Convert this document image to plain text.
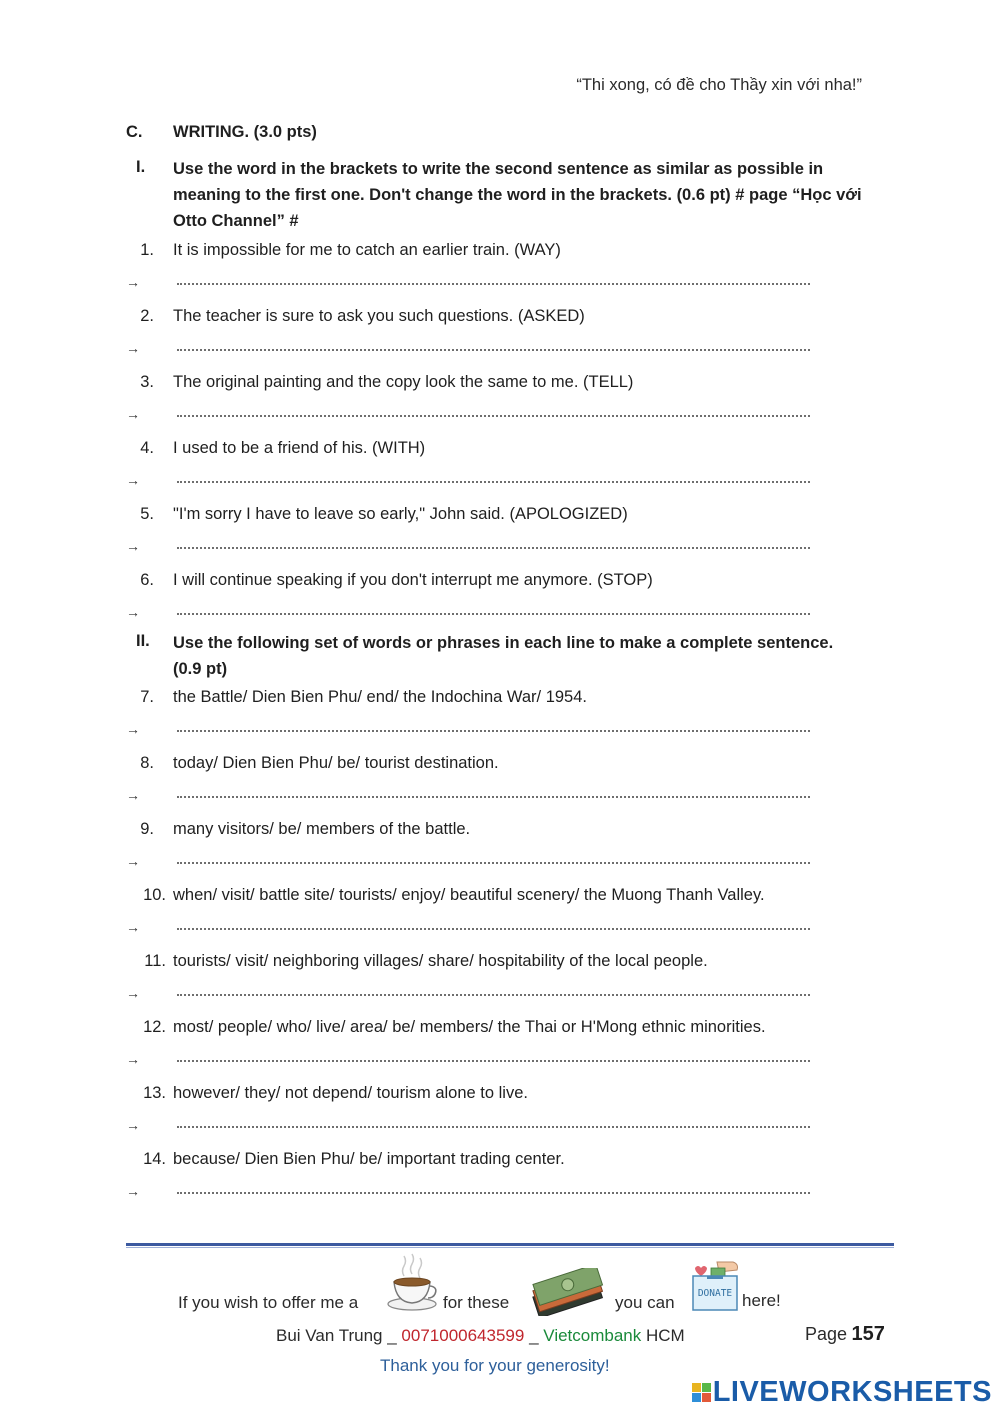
“Thi xong, có đề cho Thầy xin với nha!”
C. WRITING. (3.0 pts)
I. Use the word in the brackets to write the second sentence as similar as possible in meaning to the first one. Don't change the word in the brackets. (0.6 pt) # page “Học với Otto Channel” #
1. It is impossible for me to catch an earlier train. (WAY)
→
2. The teacher is sure to ask you such questions. (ASKED)
→
3. The original painting and the copy look the same to me. (TELL)
→
4. I used to be a friend of his. (WITH)
→
5. "I'm sorry I have to leave so early," John said. (APOLOGIZED)
→
6. I will continue speaking if you don't interrupt me anymore. (STOP)
→
II. Use the following set of words or phrases in each line to make a complete sentence. (0.9 pt)
7. the Battle/ Dien Bien Phu/ end/ the Indochina War/ 1954.
→
8. today/ Dien Bien Phu/ be/ tourist destination.
→
9. many visitors/ be/ members of the battle.
→
10. when/ visit/ battle site/ tourists/ enjoy/ beautiful scenery/ the Muong Thanh Valley.
→
11. tourists/ visit/ neighboring villages/ share/ hospitability of the local people.
→
12. most/ people/ who/ live/ area/ be/ members/ the Thai or H'Mong ethnic minorities.
→
13. however/ they/ not depend/ tourism alone to live.
→
14. because/ Dien Bien Phu/ be/ important trading center.
→
If you wish to offer me a	for these	you can	DONATE here!
Bui Van Trung _ 0071000643599 _ Vietcombank HCM	Page 157
Thank you for your generosity!
LIVEWORKSHEETS
